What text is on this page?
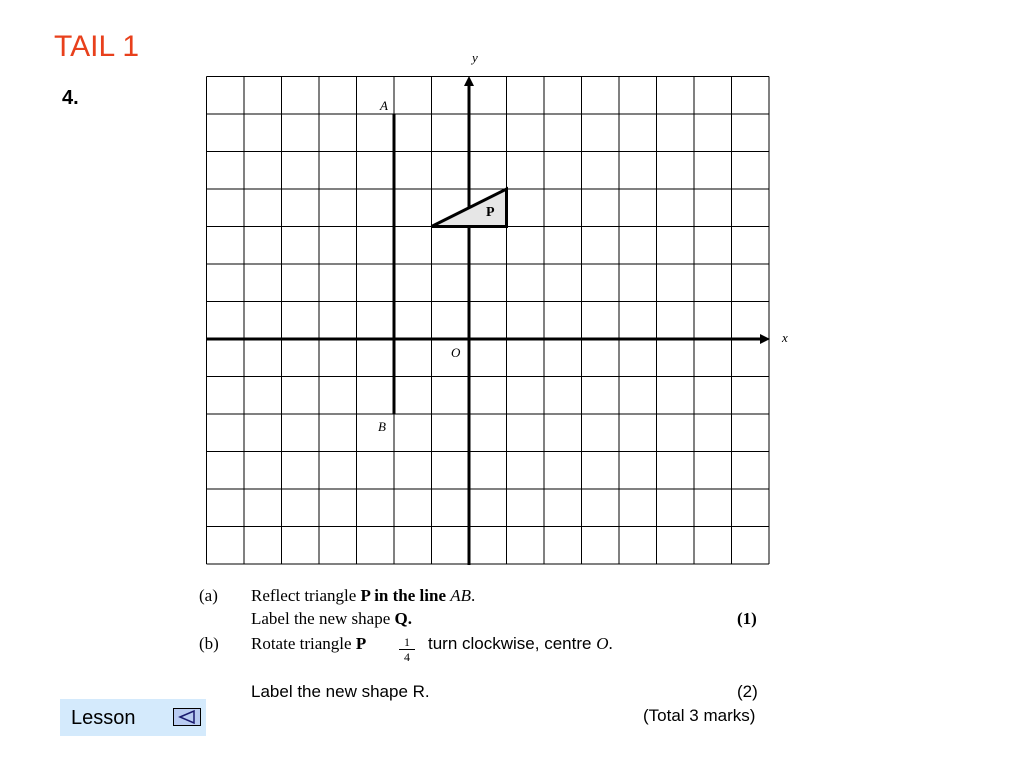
TAIL 1
4.
P
A
B
O
y
x
(a) Reflect triangle P in the line AB.
Label the new shape Q.	(1)
(b) Rotate triangle P	$\frac{1}{4}$ turn clockwise, centre O.
Label the new shape R.	(2)
(Total 3 marks)
Lesson
